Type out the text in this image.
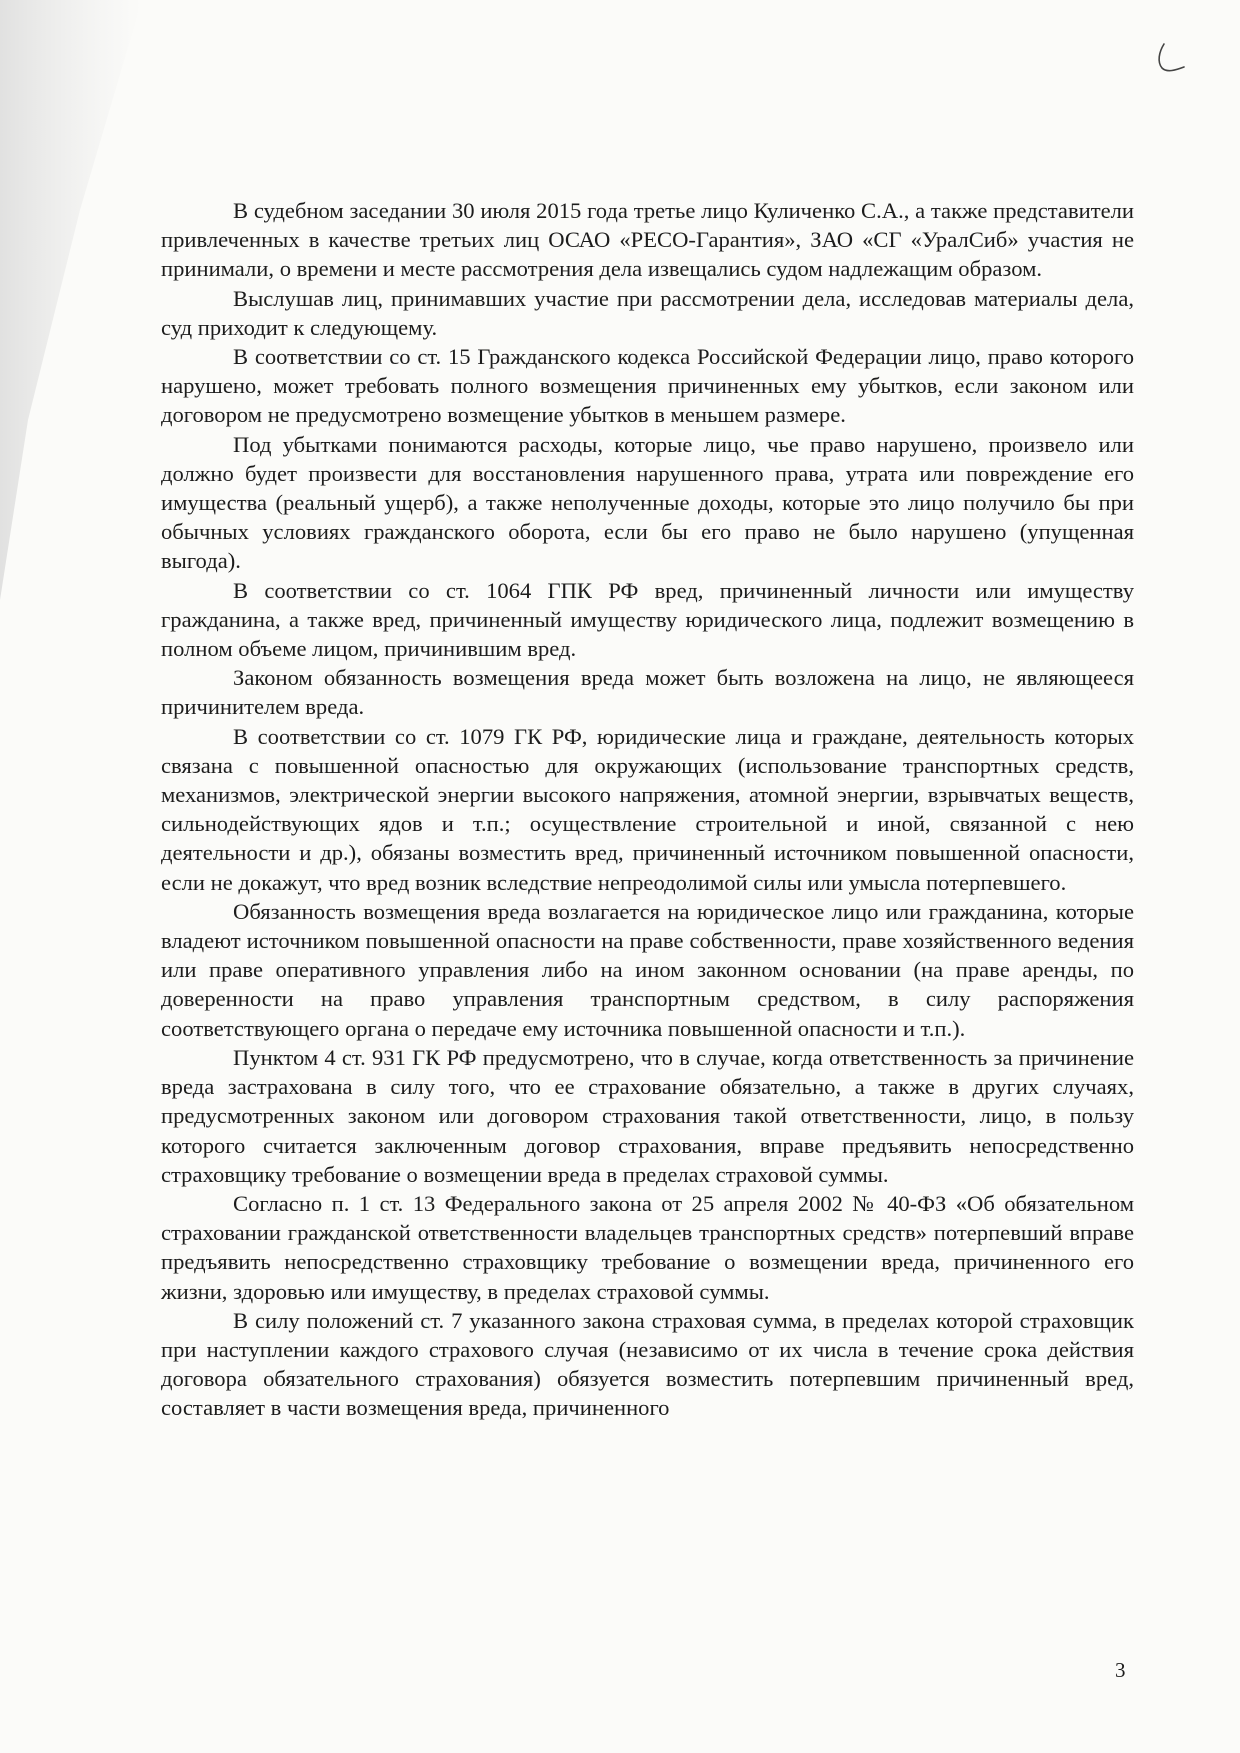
В судебном заседании 30 июля 2015 года третье лицо Куличенко С.А., а также представители привлеченных в качестве третьих лиц ОСАО «РЕСО-Гарантия», ЗАО «СГ «УралСиб» участия не принимали, о времени и месте рассмотрения дела извещались судом надлежащим образом.

Выслушав лиц, принимавших участие при рассмотрении дела, исследовав материалы дела, суд приходит к следующему.

В соответствии со ст. 15 Гражданского кодекса Российской Федерации лицо, право которого нарушено, может требовать полного возмещения причиненных ему убытков, если законом или договором не предусмотрено возмещение убытков в меньшем размере.

Под убытками понимаются расходы, которые лицо, чье право нарушено, произвело или должно будет произвести для восстановления нарушенного права, утрата или повреждение его имущества (реальный ущерб), а также неполученные доходы, которые это лицо получило бы при обычных условиях гражданского оборота, если бы его право не было нарушено (упущенная выгода).

В соответствии со ст. 1064 ГПК РФ вред, причиненный личности или имуществу гражданина, а также вред, причиненный имуществу юридического лица, подлежит возмещению в полном объеме лицом, причинившим вред.

Законом обязанность возмещения вреда может быть возложена на лицо, не являющееся причинителем вреда.

В соответствии со ст. 1079 ГК РФ, юридические лица и граждане, деятельность которых связана с повышенной опасностью для окружающих (использование транспортных средств, механизмов, электрической энергии высокого напряжения, атомной энергии, взрывчатых веществ, сильнодействующих ядов и т.п.; осуществление строительной и иной, связанной с нею деятельности и др.), обязаны возместить вред, причиненный источником повышенной опасности, если не докажут, что вред возник вследствие непреодолимой силы или умысла потерпевшего.

Обязанность возмещения вреда возлагается на юридическое лицо или гражданина, которые владеют источником повышенной опасности на праве собственности, праве хозяйственного ведения или праве оперативного управления либо на ином законном основании (на праве аренды, по доверенности на право управления транспортным средством, в силу распоряжения соответствующего органа о передаче ему источника повышенной опасности и т.п.).

Пунктом 4 ст. 931 ГК РФ предусмотрено, что в случае, когда ответственность за причинение вреда застрахована в силу того, что ее страхование обязательно, а также в других случаях, предусмотренных законом или договором страхования такой ответственности, лицо, в пользу которого считается заключенным договор страхования, вправе предъявить непосредственно страховщику требование о возмещении вреда в пределах страховой суммы.

Согласно п. 1 ст. 13 Федерального закона от 25 апреля 2002 № 40-ФЗ «Об обязательном страховании гражданской ответственности владельцев транспортных средств» потерпевший вправе предъявить непосредственно страховщику требование о возмещении вреда, причиненного его жизни, здоровью или имуществу, в пределах страховой суммы.

В силу положений ст. 7 указанного закона страховая сумма, в пределах которой страховщик при наступлении каждого страхового случая (независимо от их числа в течение срока действия договора обязательного страхования) обязуется возместить потерпевшим причиненный вред, составляет в части возмещения вреда, причиненного

3
